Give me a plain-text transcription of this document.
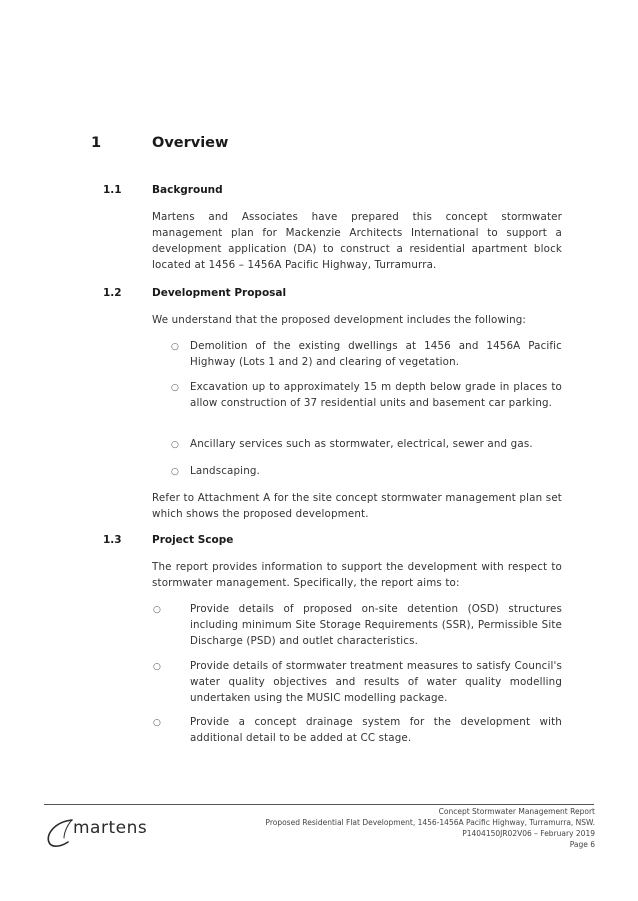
1	Overview
1.1	Background
Martens and Associates have prepared this concept stormwater management plan for Mackenzie Architects International to support a development application (DA) to construct a residential apartment block located at 1456 – 1456A Pacific Highway, Turramurra.
1.2	Development Proposal
We understand that the proposed development includes the following:
○ Demolition of the existing dwellings at 1456 and 1456A Pacific Highway (Lots 1 and 2) and clearing of vegetation.
○ Excavation up to approximately 15 m depth below grade in places to allow construction of 37 residential units and basement car parking.
○ Ancillary services such as stormwater, electrical, sewer and gas.
○ Landscaping.
Refer to Attachment A for the site concept stormwater management plan set which shows the proposed development.
1.3	Project Scope
The report provides information to support the development with respect to stormwater management. Specifically, the report aims to:
○	Provide details of proposed on-site detention (OSD) structures including minimum Site Storage Requirements (SSR), Permissible Site Discharge (PSD) and outlet characteristics.
○	Provide details of stormwater treatment measures to satisfy Council's water quality objectives and results of water quality modelling undertaken using the MUSIC modelling package.
○	Provide a concept drainage system for the development with additional detail to be added at CC stage.
martens
Concept Stormwater Management Report
Proposed Residential Flat Development, 1456-1456A Pacific Highway, Turramurra, NSW.
P1404150JR02V06 – February 2019
Page 6
